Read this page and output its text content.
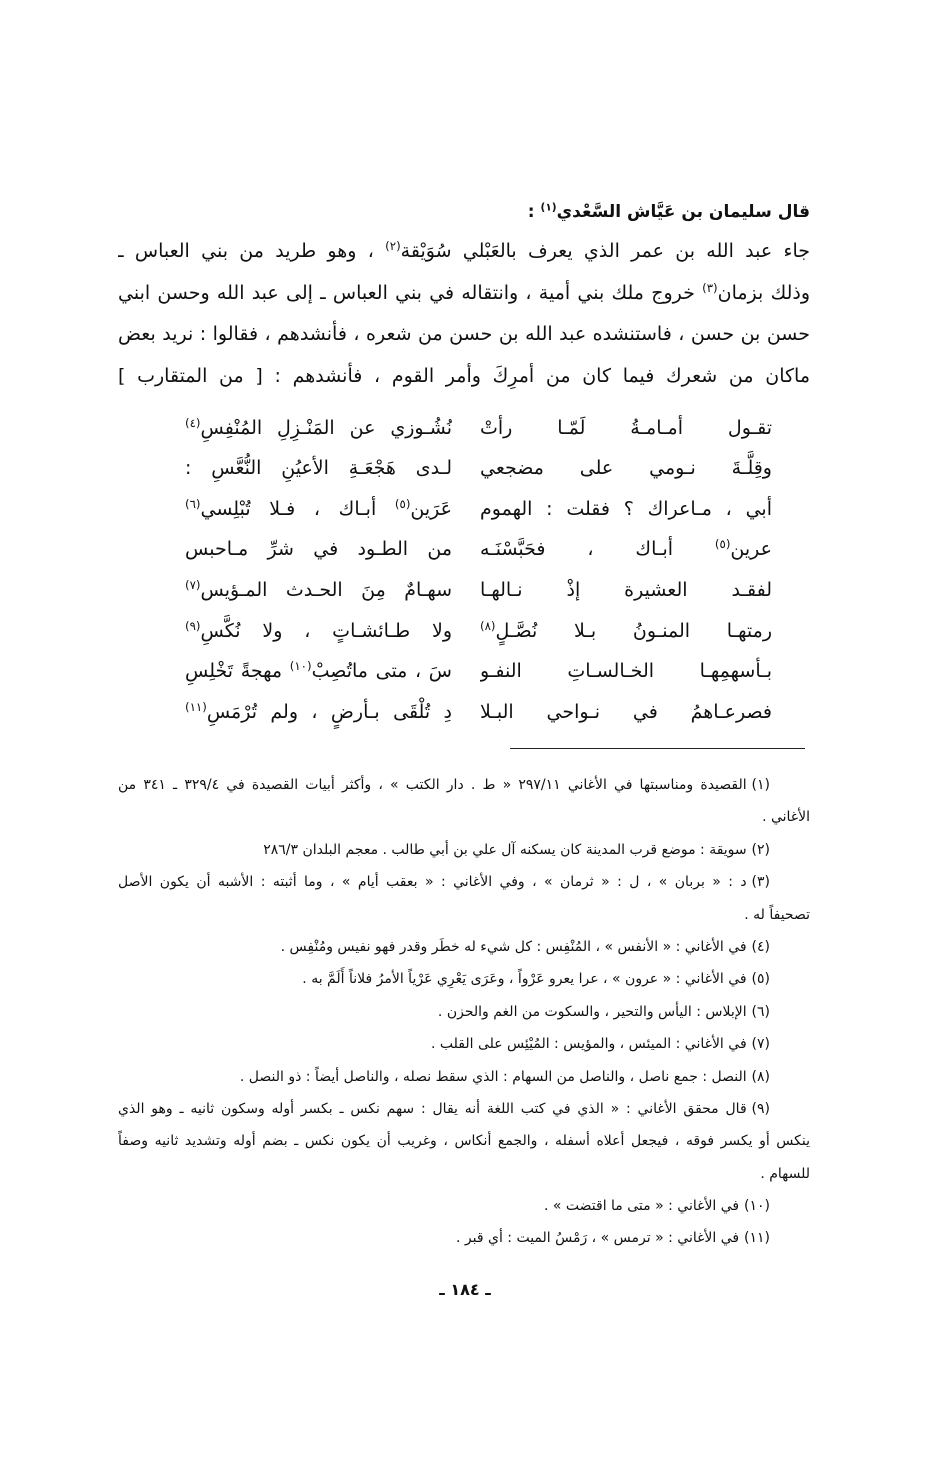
قال سليمان بن عَيَّاش السَّعْدي$^{(١)}$ :
جاء عبد الله بن عمر الذي يعرف بالعَبْلي سُوَيْقة$^{(٢)}$ ، وهو طريد من بني العباس ـ
وذلك بزمان$^{(٣)}$ خروج ملك بني أمية ، وانتقاله في بني العباس ـ إلى عبد الله وحسن ابني
حسن بن حسن ، فاستنشده عبد الله بن حسن من شعره ، فأنشدهم ، فقالوا : نريد بعض
ماكان من شعرك فيما كان من أمرِكَ وأمر القوم ، فأنشدهم : [ من المتقارب ]
تقـول أمـامـةُ لَمّـا رأتْ
نُشُـوزي عن المَنْـزِلِ المُنْفِسِ$^{(٤)}$
وقِلَّـةَ نـومي على مضجعي
لـدى هَجْعَـةِ الأعيُنِ النُّعَّسِ :
أبي ، مـاعراك ؟ فقلت : الهموم
عَرَين$^{(٥)}$ أبـاك ، فـلا تُبْلِسي$^{(٦)}$
عرين$^{(٥)}$ أبـاك ، فحَبَّسْنَـه
من الطـود في شرِّ مـاحبس
لفقـد العشيرة إذْ نـالهـا
سهـامٌ مِنَ الحـدث المـؤيس$^{(٧)}$
رمتهـا المنـونُ بـلا نُصَّـلٍ$^{(٨)}$
ولا طـائشـاتٍ ، ولا نُكَّسِ$^{(٩)}$
بـأسهمِهـا الخـالسـاتِ النفـو
سَ ، متى ماتُصِبْ$^{(١٠)}$ مهجةً تَخْلِسِ
فصرعـاهمُ في نـواحي البـلا
دِ تُلْقَى بـأرضٍ ، ولم تُرْمَسِ$^{(١١)}$
(١)القصيدة ومناسبتها في الأغاني ٢٩٧/١١ « ط . دار الكتب » ، وأكثر أبيات القصيدة في ٣٢٩/٤ ـ ٣٤١ من
الأغاني .
(٢)سويقة : موضع قرب المدينة كان يسكنه آل علي بن أبي طالب . معجم البلدان ٢٨٦/٣
(٣)د : « بربان » ، ل : « ثرمان » ، وفي الأغاني : « بعقب أيام » ، وما أثبته : الأشبه أن يكون الأصل
تصحيفاً له .
(٤)في الأغاني : « الأنفس » ، المُنْفِس : كل شيء له خطَر وقدر فهو نفيس ومُنْفِس .
(٥)في الأغاني : « عرون » ، عرا يعرو عَرْواً ، وعَرَى يَعْرِي عَرْياً الأمرُ فلاناً أَلَمَّ به .
(٦)الإبلاس : اليأس والتحير ، والسكوت من الغم والحزن .
(٧)في الأغاني : الميئس ، والمؤيس : المُيْئِس على القلب .
(٨)النصل : جمع ناصل ، والناصل من السهام : الذي سقط نصله ، والناصل أيضاً : ذو النصل .
(٩)قال محقق الأغاني : « الذي في كتب اللغة أنه يقال : سهم نكس ـ بكسر أوله وسكون ثانيه ـ وهو الذي
ينكس أو يكسر فوقه ، فيجعل أعلاه أسفله ، والجمع أنكاس ، وغريب أن يكون نكس ـ بضم أوله وتشديد ثانيه وصفاً
للسهام .
(١٠)في الأغاني : « متى ما اقتضت » .
(١١)في الأغاني : « ترمس » ، رَمْسُ الميت : أي قبر .
ـ ١٨٤ ـ
